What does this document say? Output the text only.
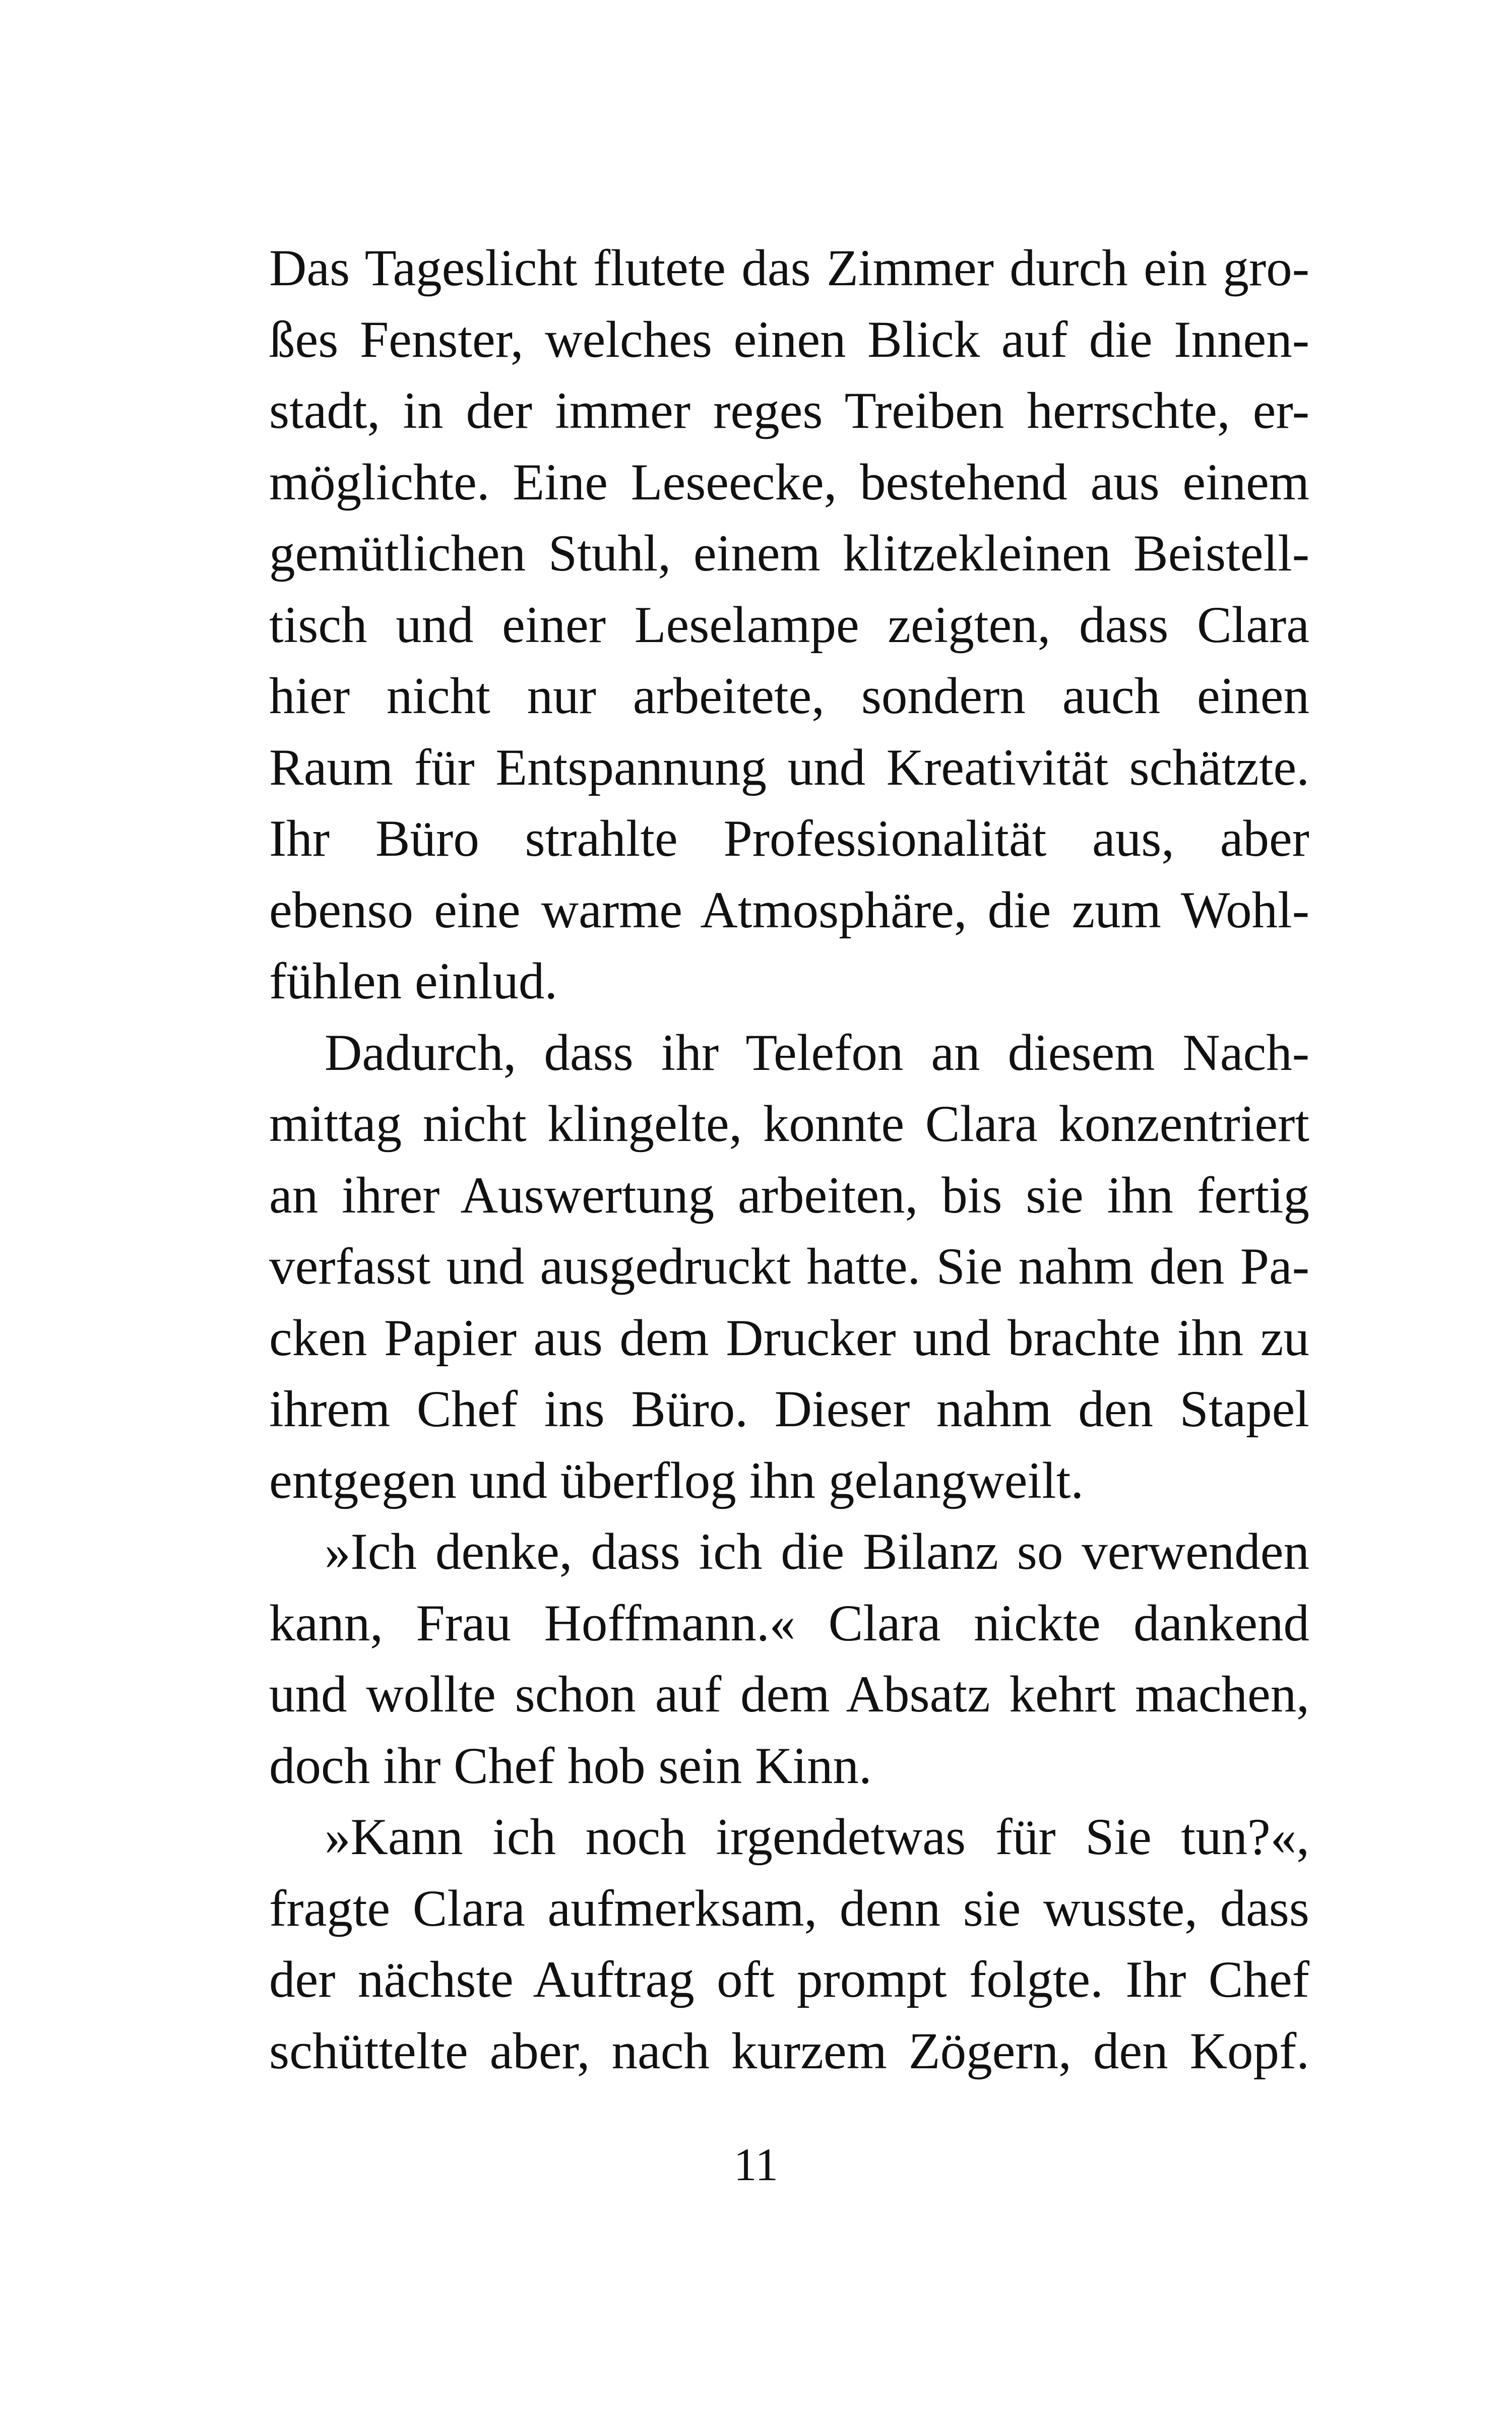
Das Tageslicht flutete das Zimmer durch ein gro-
ßes Fenster, welches einen Blick auf die Innen-
stadt, in der immer reges Treiben herrschte, er-
möglichte. Eine Leseecke, bestehend aus einem
gemütlichen Stuhl, einem klitzekleinen Beistell-
tisch und einer Leselampe zeigten, dass Clara
hier nicht nur arbeitete, sondern auch einen
Raum für Entspannung und Kreativität schätzte.
Ihr Büro strahlte Professionalität aus, aber
ebenso eine warme Atmosphäre, die zum Wohl-
fühlen einlud.
Dadurch, dass ihr Telefon an diesem Nach-
mittag nicht klingelte, konnte Clara konzentriert
an ihrer Auswertung arbeiten, bis sie ihn fertig
verfasst und ausgedruckt hatte. Sie nahm den Pa-
cken Papier aus dem Drucker und brachte ihn zu
ihrem Chef ins Büro. Dieser nahm den Stapel
entgegen und überflog ihn gelangweilt.
»Ich denke, dass ich die Bilanz so verwenden
kann, Frau Hoffmann.« Clara nickte dankend
und wollte schon auf dem Absatz kehrt machen,
doch ihr Chef hob sein Kinn.
»Kann ich noch irgendetwas für Sie tun?«,
fragte Clara aufmerksam, denn sie wusste, dass
der nächste Auftrag oft prompt folgte. Ihr Chef
schüttelte aber, nach kurzem Zögern, den Kopf.
11
